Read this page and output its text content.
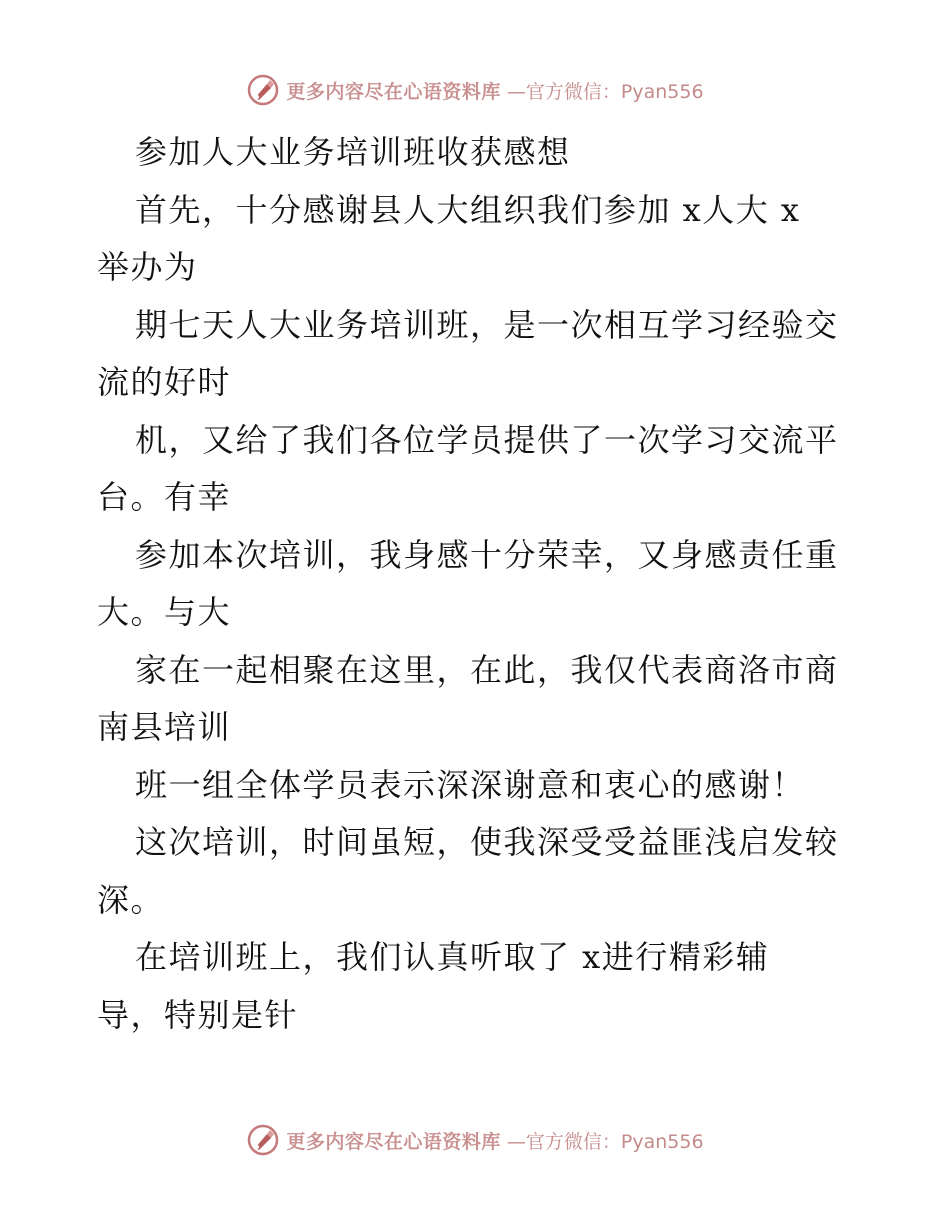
更多内容尽在心语资料库 —官方微信：Pyan556
参加人大业务培训班收获感想
首先，十分感谢县人大组织我们参加 x人大 x
举办为
期七天人大业务培训班，是一次相互学习经验交
流的好时
机，又给了我们各位学员提供了一次学习交流平
台。有幸
参加本次培训，我身感十分荣幸，又身感责任重
大。与大
家在一起相聚在这里，在此，我仅代表商洛市商
南县培训
班一组全体学员表示深深谢意和衷心的感谢！
这次培训，时间虽短，使我深受受益匪浅启发较
深。
在培训班上，我们认真听取了 x进行精彩辅
导，特别是针
更多内容尽在心语资料库 —官方微信：Pyan556
